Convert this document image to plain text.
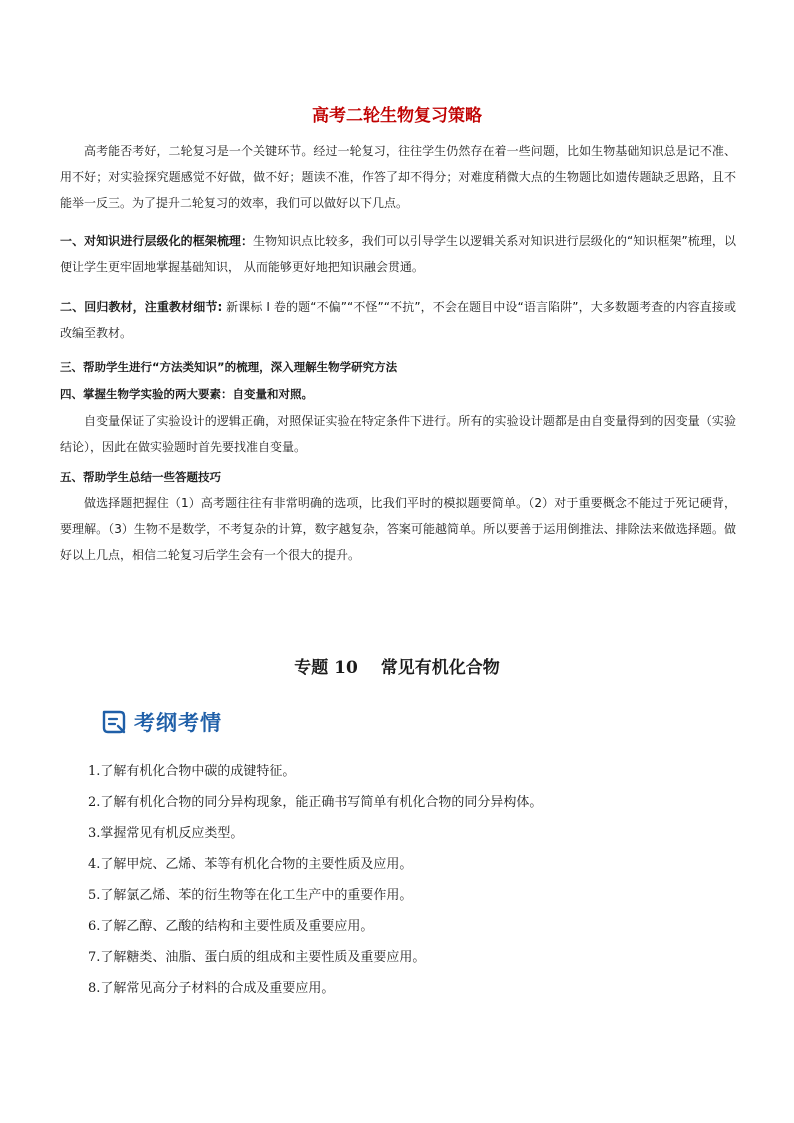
高考二轮生物复习策略
高考能否考好，二轮复习是一个关键环节。经过一轮复习，往往学生仍然存在着一些问题，比如生物基础知识总是记不准、用不好；对实验探究题感觉不好做，做不好；题读不准，作答了却不得分；对难度稍微大点的生物题比如遗传题缺乏思路，且不能举一反三。为了提升二轮复习的效率，我们可以做好以下几点。
一、对知识进行层级化的框架梳理：生物知识点比较多，我们可以引导学生以逻辑关系对知识进行层级化的“知识框架”梳理，以便让学生更牢固地掌握基础知识， 从而能够更好地把知识融会贯通。
二、回归教材，注重教材细节: 新课标 I 卷的题“不偏”“不怪”“不抗”，不会在题目中设“语言陷阱”，大多数题考查的内容直接或改编至教材。
三、帮助学生进行“方法类知识”的梳理，深入理解生物学研究方法
四、掌握生物学实验的两大要素：自变量和对照。
自变量保证了实验设计的逻辑正确，对照保证实验在特定条件下进行。所有的实验设计题都是由自变量得到的因变量（实验结论），因此在做实验题时首先要找准自变量。
五、帮助学生总结一些答题技巧
做选择题把握住（1）高考题往往有非常明确的选项，比我们平时的模拟题要简单。（2）对于重要概念不能过于死记硬背，要理解。（3）生物不是数学，不考复杂的计算，数字越复杂，答案可能越简单。所以要善于运用倒推法、排除法来做选择题。做好以上几点，相信二轮复习后学生会有一个很大的提升。
专题 10 　常见有机化合物
考纲考情
1.了解有机化合物中碳的成键特征。
2.了解有机化合物的同分异构现象，能正确书写简单有机化合物的同分异构体。
3.掌握常见有机反应类型。
4.了解甲烷、乙烯、苯等有机化合物的主要性质及应用。
5.了解氯乙烯、苯的衍生物等在化工生产中的重要作用。
6.了解乙醇、乙酸的结构和主要性质及重要应用。
7.了解糖类、油脂、蛋白质的组成和主要性质及重要应用。
8.了解常见高分子材料的合成及重要应用。
